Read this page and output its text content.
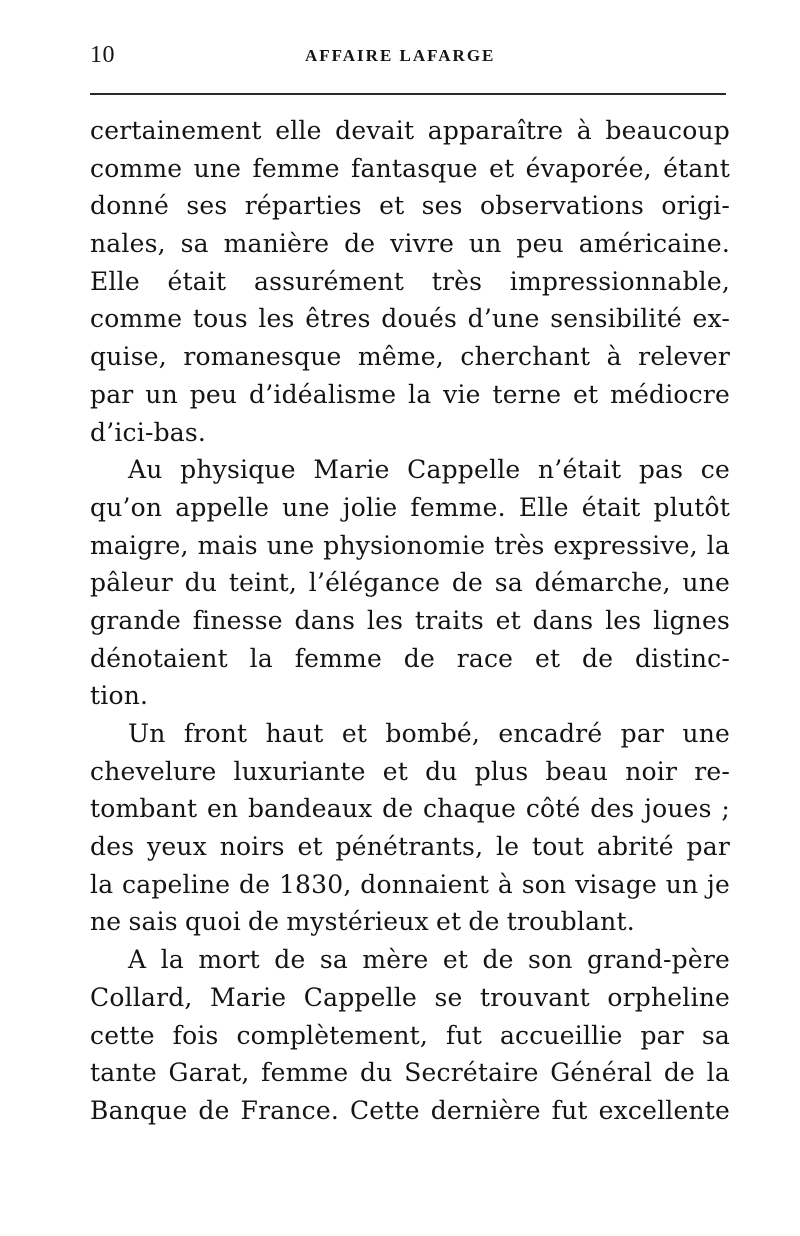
10	AFFAIRE LAFARGE
certainement elle devait apparaître à beaucoup
comme une femme fantasque et évaporée, étant
donné ses réparties et ses observations origi-
nales, sa manière de vivre un peu américaine.
Elle était assurément très impressionnable,
comme tous les êtres doués d’une sensibilité ex-
quise, romanesque même, cherchant à relever
par un peu d’idéalisme la vie terne et médiocre
d’ici-bas.
Au physique Marie Cappelle n’était pas ce
qu’on appelle une jolie femme. Elle était plutôt
maigre, mais une physionomie très expressive, la
pâleur du teint, l’élégance de sa démarche, une
grande finesse dans les traits et dans les lignes
dénotaient la femme de race et de distinc-
tion.
Un front haut et bombé, encadré par une
chevelure luxuriante et du plus beau noir re-
tombant en bandeaux de chaque côté des joues ;
des yeux noirs et pénétrants, le tout abrité par
la capeline de 1830, donnaient à son visage un je
ne sais quoi de mystérieux et de troublant.
A la mort de sa mère et de son grand-père
Collard, Marie Cappelle se trouvant orpheline
cette fois complètement, fut accueillie par sa
tante Garat, femme du Secrétaire Général de la
Banque de France. Cette dernière fut excellente
